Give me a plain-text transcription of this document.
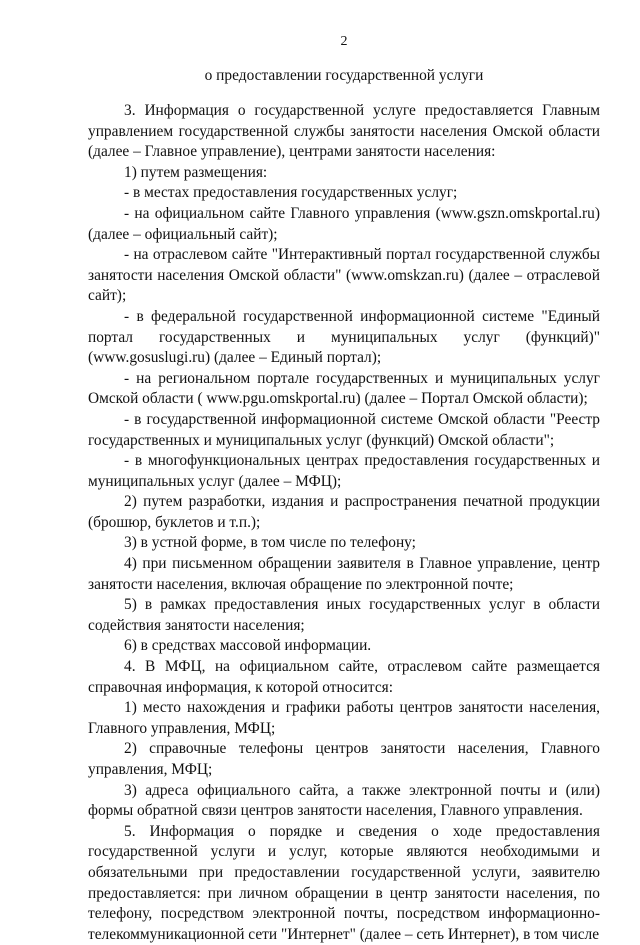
2
о предоставлении государственной услуги

3. Информация о государственной услуге предоставляется Главным управлением государственной службы занятости населения Омской области (далее – Главное управление), центрами занятости населения:

1) путем размещения:

- в местах предоставления государственных услуг;

- на официальном сайте Главного управления (www.gszn.omskportal.ru) (далее – официальный сайт);

- на отраслевом сайте "Интерактивный портал государственной службы занятости населения Омской области" (www.omskzan.ru) (далее – отраслевой сайт);

- в федеральной государственной информационной системе "Единый портал государственных и муниципальных услуг (функций)" (www.gosuslugi.ru) (далее – Единый портал);

- на региональном портале государственных и муниципальных услуг Омской области ( www.pgu.omskportal.ru) (далее – Портал Омской области);

- в государственной информационной системе Омской области "Реестр государственных и муниципальных услуг (функций) Омской области";

- в многофункциональных центрах предоставления государственных и муниципальных услуг (далее – МФЦ);

2) путем разработки, издания и распространения печатной продукции (брошюр, буклетов и т.п.);

3) в устной форме, в том числе по телефону;

4) при письменном обращении заявителя в Главное управление, центр занятости населения, включая обращение по электронной почте;

5) в рамках предоставления иных государственных услуг в области содействия занятости населения;

6) в средствах массовой информации.

4. В МФЦ, на официальном сайте, отраслевом сайте размещается справочная информация, к которой относится:

1) место нахождения и графики работы центров занятости населения, Главного управления, МФЦ;

2) справочные телефоны центров занятости населения, Главного управления, МФЦ;

3) адреса официального сайта, а также электронной почты и (или) формы обратной связи центров занятости населения, Главного управления.

5. Информация о порядке и сведения о ходе предоставления государственной услуги и услуг, которые являются необходимыми и обязательными при предоставлении государственной услуги, заявителю предоставляется: при личном обращении в центр занятости населения, по телефону, посредством электронной почты, посредством информационно-телекоммуникационной сети "Интернет" (далее – сеть Интернет), в том числе
